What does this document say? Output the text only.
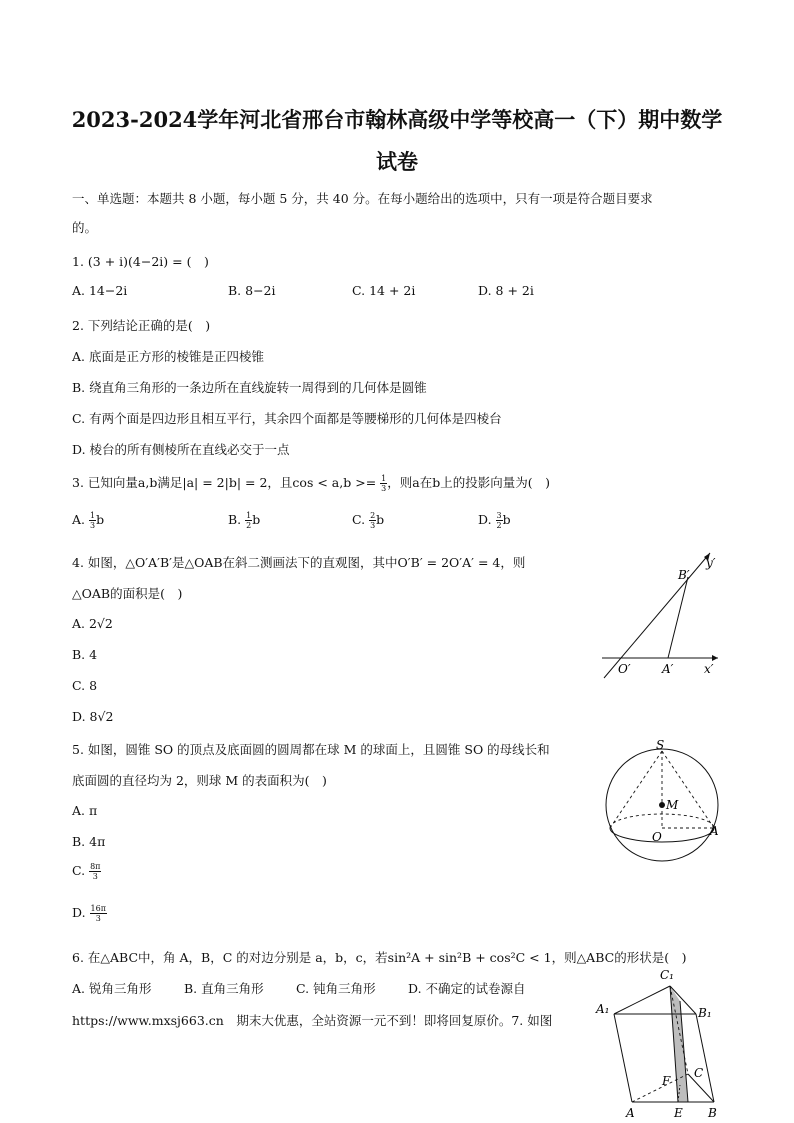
2023-2024学年河北省邢台市翰林高级中学等校高一（下）期中数学
试卷
一、单选题：本题共 8 小题，每小题 5 分，共 40 分。在每小题给出的选项中，只有一项是符合题目要求
的。
1. (3 + i)(4−2i) = (　)
A. 14−2i	B. 8−2i	C. 14 + 2i	D. 8 + 2i
2. 下列结论正确的是(　)
A. 底面是正方形的棱锥是正四棱锥
B. 绕直角三角形的一条边所在直线旋转一周得到的几何体是圆锥
C. 有两个面是四边形且相互平行，其余四个面都是等腰梯形的几何体是四棱台
D. 棱台的所有侧棱所在直线必交于一点
3. 已知向量a,b满足|a| = 2|b| = 2，且$\cos < a,b >= \frac{1}{3}$ ，则a在b上的投影向量为(　)
A. $\frac{1}{3}$ b	B. $\frac{1}{2}$ b	C. $\frac{2}{3}$ b	D. $\frac{3}{2}$ b
4. 如图，△O′A′B′是△OAB在斜二测画法下的直观图，其中O′B′ = 2O′A′ = 4，则
△OAB的面积是(　)
A. 2√2
B. 4
C. 8
D. 8√2
B′
y′
O′	A′	x′
5. 如图，圆锥 SO 的顶点及底面圆的圆周都在球 M 的球面上，且圆锥 SO 的母线长和
底面圆的直径均为 2，则球 M 的表面积为(　)
A. π
B. 4π
C. $\frac{8\pi}{3}$
D. $\frac{16\pi}{3}$
S
M
O	A
6. 在△ABC中，角 A，B，C 的对边分别是 a，b，c，若sin²A + sin²B + cos²C < 1，则△ABC的形状是(　)
A. 锐角三角形	B. 直角三角形	C. 钝角三角形	D. 不确定的试卷源自
https://www.mxsj663.cn　期末大优惠，全站资源一元不到！即将回复原价。7. 如图
C₁
A₁	B₁
F
C
A	E B
